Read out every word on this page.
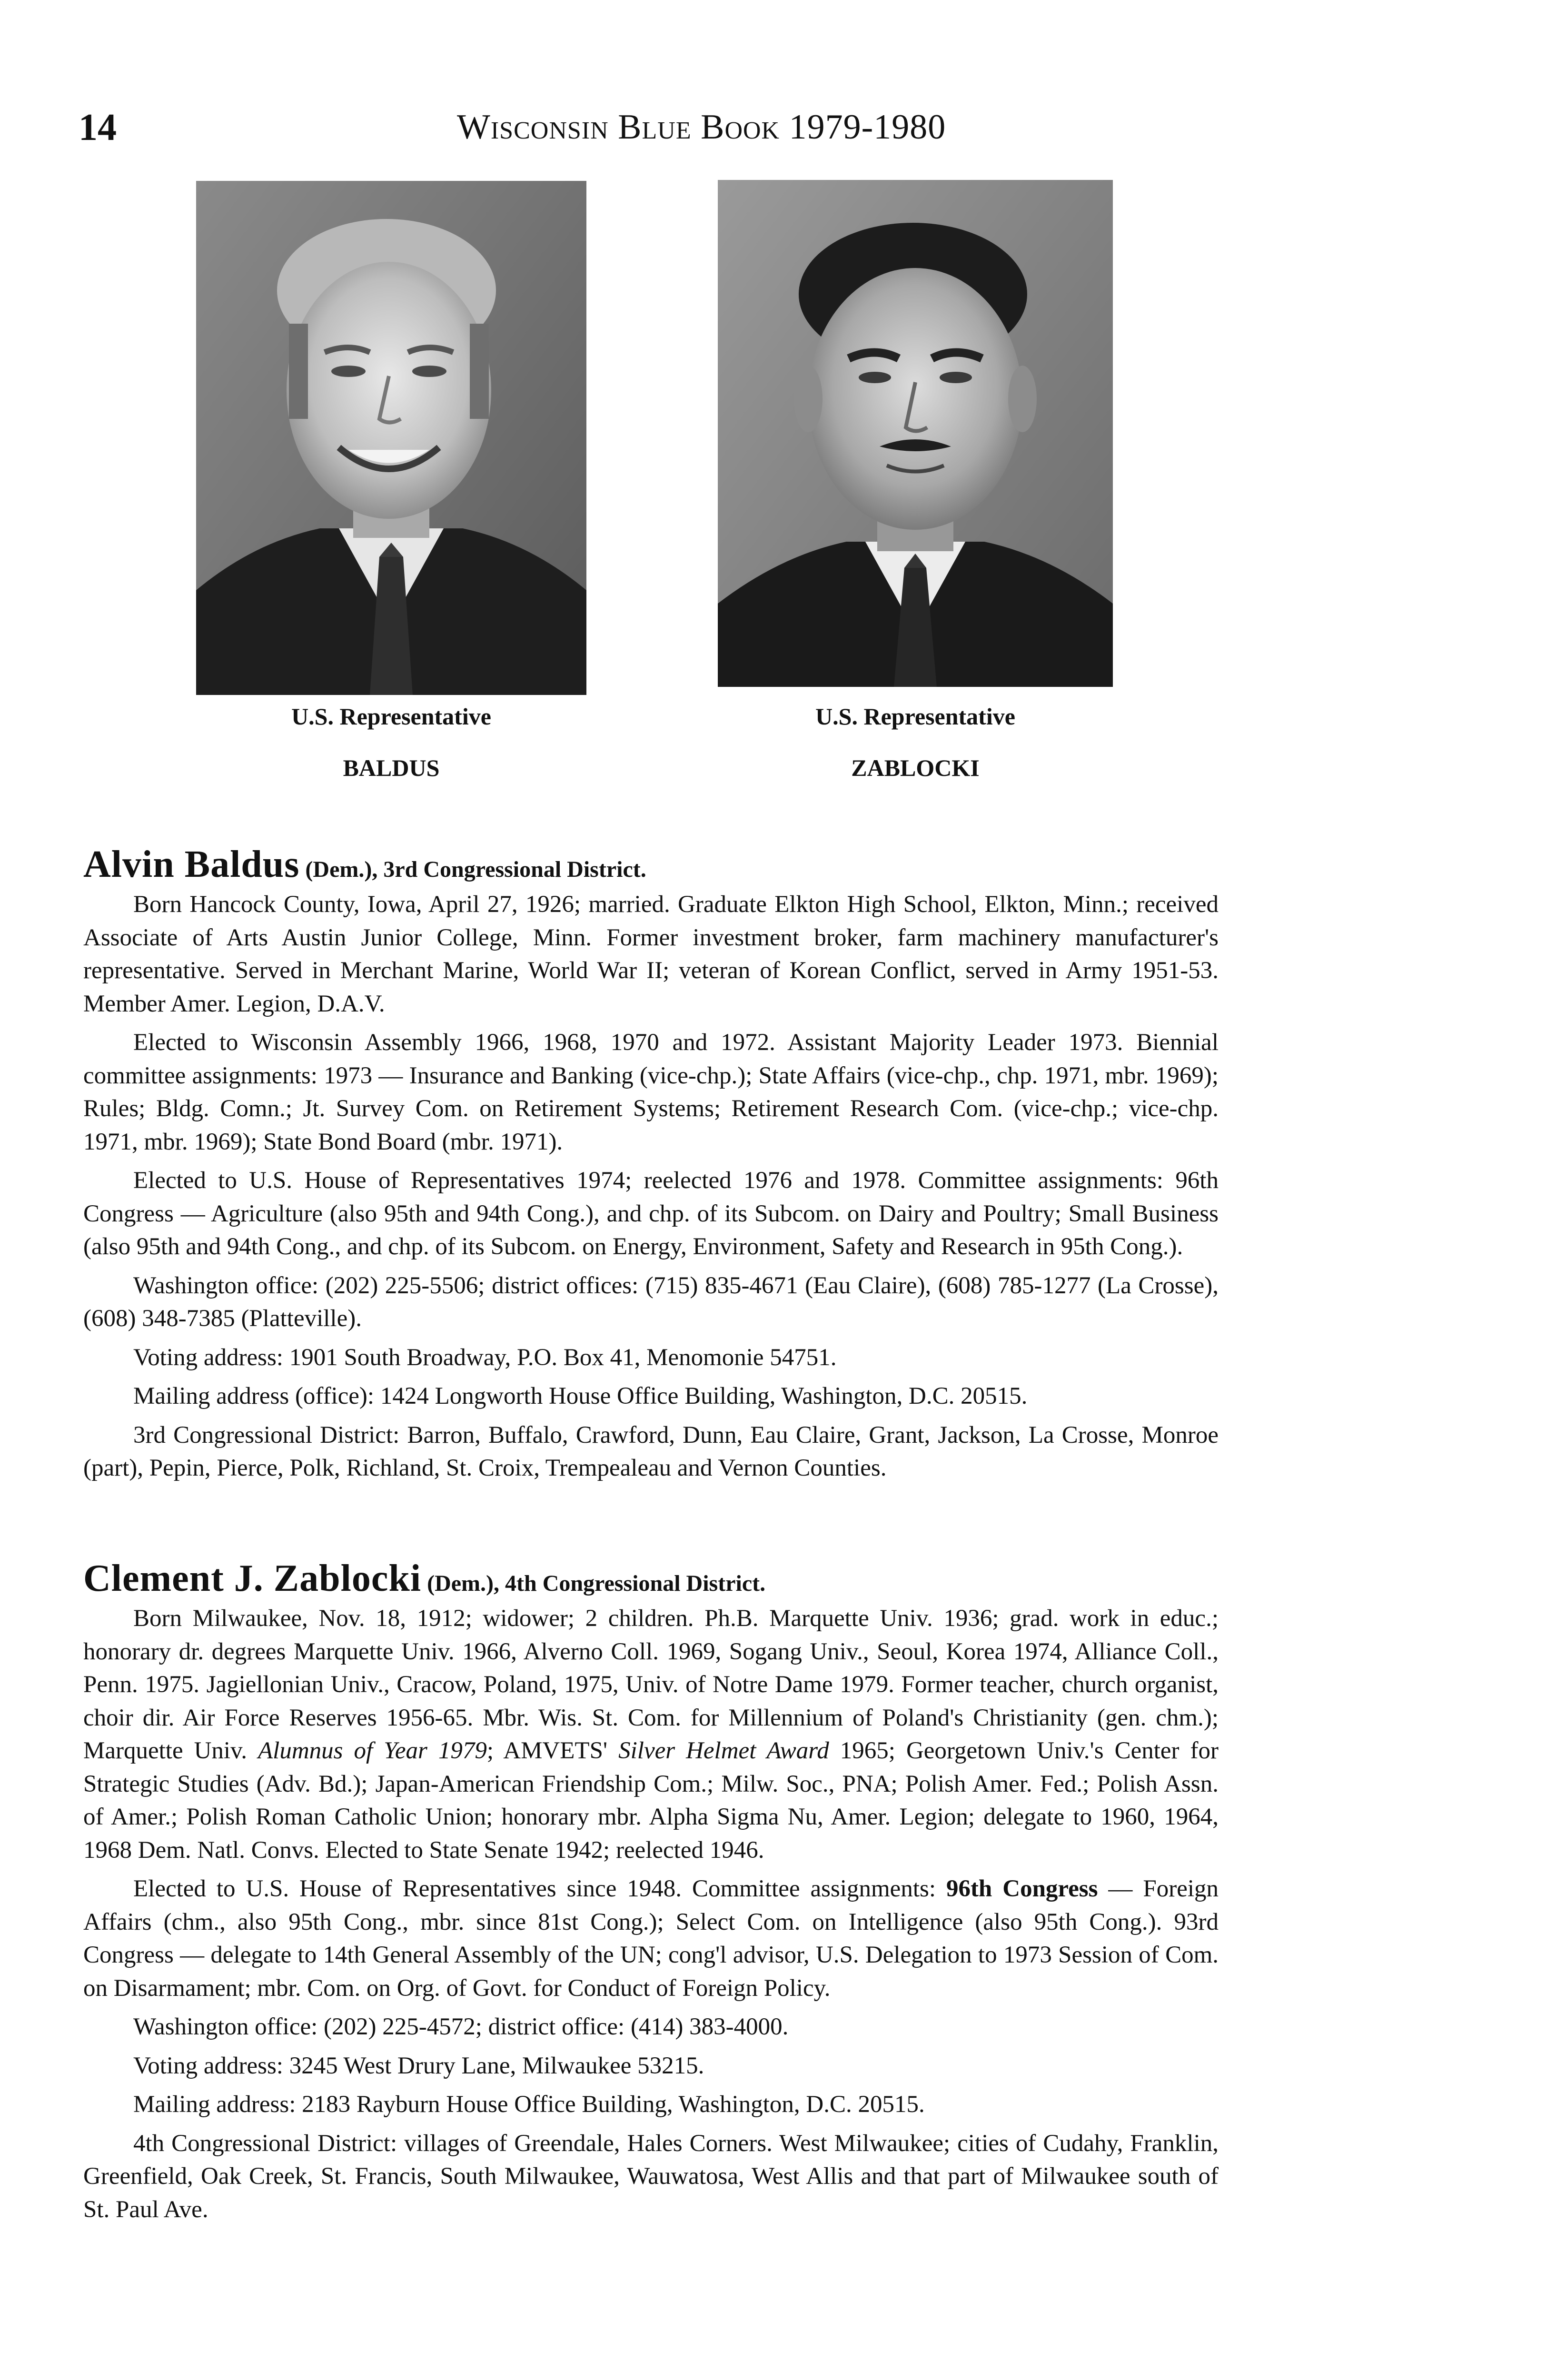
14	Wisconsin Blue Book 1979-1980
U.S. Representative
BALDUS
U.S. Representative
ZABLOCKI
Alvin Baldus (Dem.), 3rd Congressional District.

Born Hancock County, Iowa, April 27, 1926; married. Graduate Elkton High School, Elkton, Minn.; received Associate of Arts Austin Junior College, Minn. Former investment broker, farm machinery manufacturer's representative. Served in Merchant Marine, World War II; veteran of Korean Conflict, served in Army 1951-53. Member Amer. Legion, D.A.V.

Elected to Wisconsin Assembly 1966, 1968, 1970 and 1972. Assistant Majority Leader 1973. Biennial committee assignments: 1973 — Insurance and Banking (vice-chp.); State Affairs (vice-chp., chp. 1971, mbr. 1969); Rules; Bldg. Comn.; Jt. Survey Com. on Retirement Systems; Retirement Research Com. (vice-chp.; vice-chp. 1971, mbr. 1969); State Bond Board (mbr. 1971).

Elected to U.S. House of Representatives 1974; reelected 1976 and 1978. Committee assignments: 96th Congress — Agriculture (also 95th and 94th Cong.), and chp. of its Subcom. on Dairy and Poultry; Small Business (also 95th and 94th Cong., and chp. of its Subcom. on Energy, Environment, Safety and Research in 95th Cong.).

Washington office: (202) 225-5506; district offices: (715) 835-4671 (Eau Claire), (608) 785-1277 (La Crosse), (608) 348-7385 (Platteville).

Voting address: 1901 South Broadway, P.O. Box 41, Menomonie 54751.

Mailing address (office): 1424 Longworth House Office Building, Washington, D.C. 20515.

3rd Congressional District: Barron, Buffalo, Crawford, Dunn, Eau Claire, Grant, Jackson, La Crosse, Monroe (part), Pepin, Pierce, Polk, Richland, St. Croix, Trempealeau and Vernon Counties.

Clement J. Zablocki (Dem.), 4th Congressional District.

Born Milwaukee, Nov. 18, 1912; widower; 2 children. Ph.B. Marquette Univ. 1936; grad. work in educ.; honorary dr. degrees Marquette Univ. 1966, Alverno Coll. 1969, Sogang Univ., Seoul, Korea 1974, Alliance Coll., Penn. 1975. Jagiellonian Univ., Cracow, Poland, 1975, Univ. of Notre Dame 1979. Former teacher, church organist, choir dir. Air Force Reserves 1956-65. Mbr. Wis. St. Com. for Millennium of Poland's Christianity (gen. chm.); Marquette Univ. Alumnus of Year 1979; AMVETS' Silver Helmet Award 1965; Georgetown Univ.'s Center for Strategic Studies (Adv. Bd.); Japan-American Friendship Com.; Milw. Soc., PNA; Polish Amer. Fed.; Polish Assn. of Amer.; Polish Roman Catholic Union; honorary mbr. Alpha Sigma Nu, Amer. Legion; delegate to 1960, 1964, 1968 Dem. Natl. Convs. Elected to State Senate 1942; reelected 1946.

Elected to U.S. House of Representatives since 1948. Committee assignments: 96th Congress — Foreign Affairs (chm., also 95th Cong., mbr. since 81st Cong.); Select Com. on Intelligence (also 95th Cong.). 93rd Congress — delegate to 14th General Assembly of the UN; cong'l advisor, U.S. Delegation to 1973 Session of Com. on Disarmament; mbr. Com. on Org. of Govt. for Conduct of Foreign Policy.

Washington office: (202) 225-4572; district office: (414) 383-4000.

Voting address: 3245 West Drury Lane, Milwaukee 53215.

Mailing address: 2183 Rayburn House Office Building, Washington, D.C. 20515.

4th Congressional District: villages of Greendale, Hales Corners. West Milwaukee; cities of Cudahy, Franklin, Greenfield, Oak Creek, St. Francis, South Milwaukee, Wauwatosa, West Allis and that part of Milwaukee south of St. Paul Ave.
